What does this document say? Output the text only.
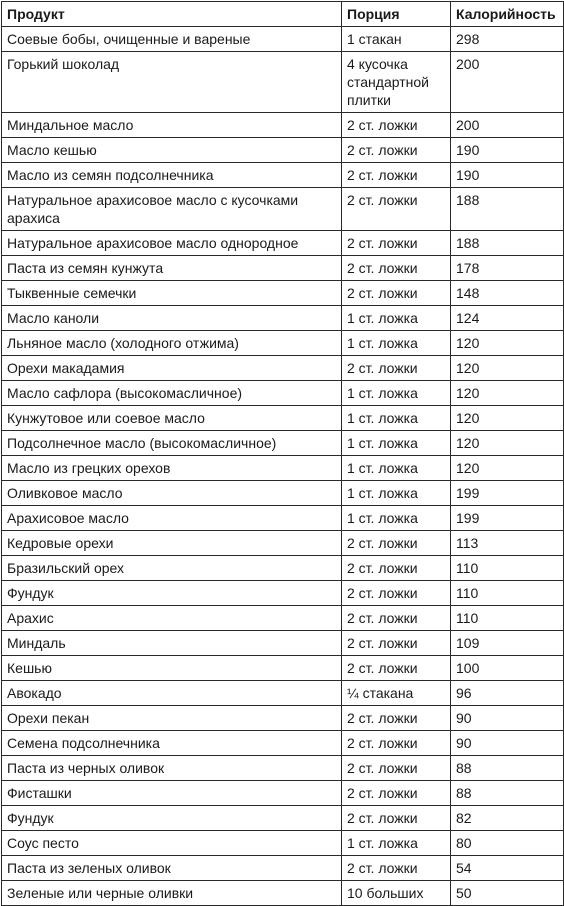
Продукт	Порция	Калорийность
Соевые бобы, очищенные и вареные	1 стакан	298
Горький шоколад	4 кусочка стандартной плитки	200
Миндальное масло	2 ст. ложки	200
Масло кешью	2 ст. ложки	190
Масло из семян подсолнечника	2 ст. ложки	190
Натуральное арахисовое масло с кусочками арахиса	2 ст. ложки	188
Натуральное арахисовое масло однородное	2 ст. ложки	188
Паста из семян кунжута	2 ст. ложки	178
Тыквенные семечки	2 ст. ложки	148
Масло каноли	1 ст. ложка	124
Льняное масло (холодного отжима)	1 ст. ложка	120
Орехи макадамия	2 ст. ложки	120
Масло сафлора (высокомасличное)	1 ст. ложка	120
Кунжутовое или соевое масло	1 ст. ложка	120
Подсолнечное масло (высокомасличное)	1 ст. ложка	120
Масло из грецких орехов	1 ст. ложка	120
Оливковое масло	1 ст. ложка	199
Арахисовое масло	1 ст. ложка	199
Кедровые орехи	2 ст. ложки	113
Бразильский орех	2 ст. ложки	110
Фундук	2 ст. ложки	110
Арахис	2 ст. ложки	110
Миндаль	2 ст. ложки	109
Кешью	2 ст. ложки	100
Авокадо	¼ стакана	96
Орехи пекан	2 ст. ложки	90
Семена подсолнечника	2 ст. ложки	90
Паста из черных оливок	2 ст. ложки	88
Фисташки	2 ст. ложки	88
Фундук	2 ст. ложки	82
Соус песто	1 ст. ложка	80
Паста из зеленых оливок	2 ст. ложки	54
Зеленые или черные оливки	10 больших	50
